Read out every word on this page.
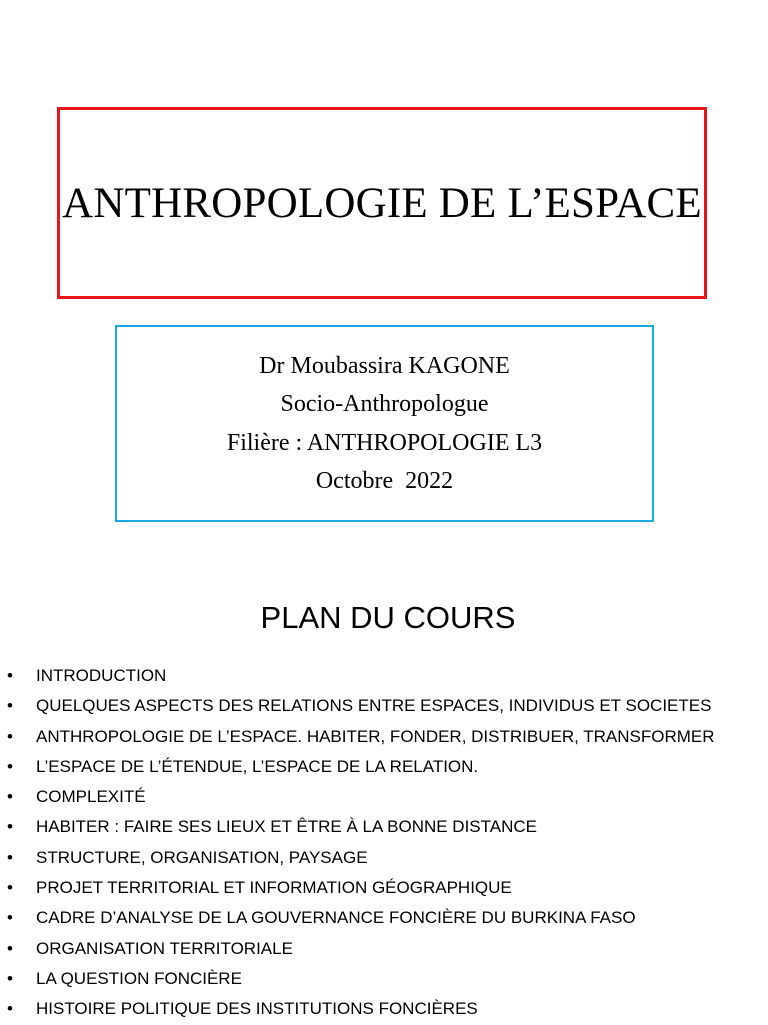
ANTHROPOLOGIE DE L’ESPACE
Dr Moubassira KAGONE
Socio-Anthropologue
Filière : ANTHROPOLOGIE L3
Octobre  2022
PLAN DU COURS
• INTRODUCTION
• QUELQUES ASPECTS DES RELATIONS ENTRE ESPACES, INDIVIDUS ET SOCIETES
• ANTHROPOLOGIE DE L’ESPACE. HABITER, FONDER, DISTRIBUER, TRANSFORMER
• L’ESPACE DE L’ÉTENDUE, L’ESPACE DE LA RELATION.
• COMPLEXITÉ
• HABITER : FAIRE SES LIEUX ET ÊTRE À LA BONNE DISTANCE
• STRUCTURE, ORGANISATION, PAYSAGE
• PROJET TERRITORIAL ET INFORMATION GÉOGRAPHIQUE
• CADRE D’ANALYSE DE LA GOUVERNANCE FONCIÈRE DU BURKINA FASO
• ORGANISATION TERRITORIALE
• LA QUESTION FONCIÈRE
• HISTOIRE POLITIQUE DES INSTITUTIONS FONCIÈRES
